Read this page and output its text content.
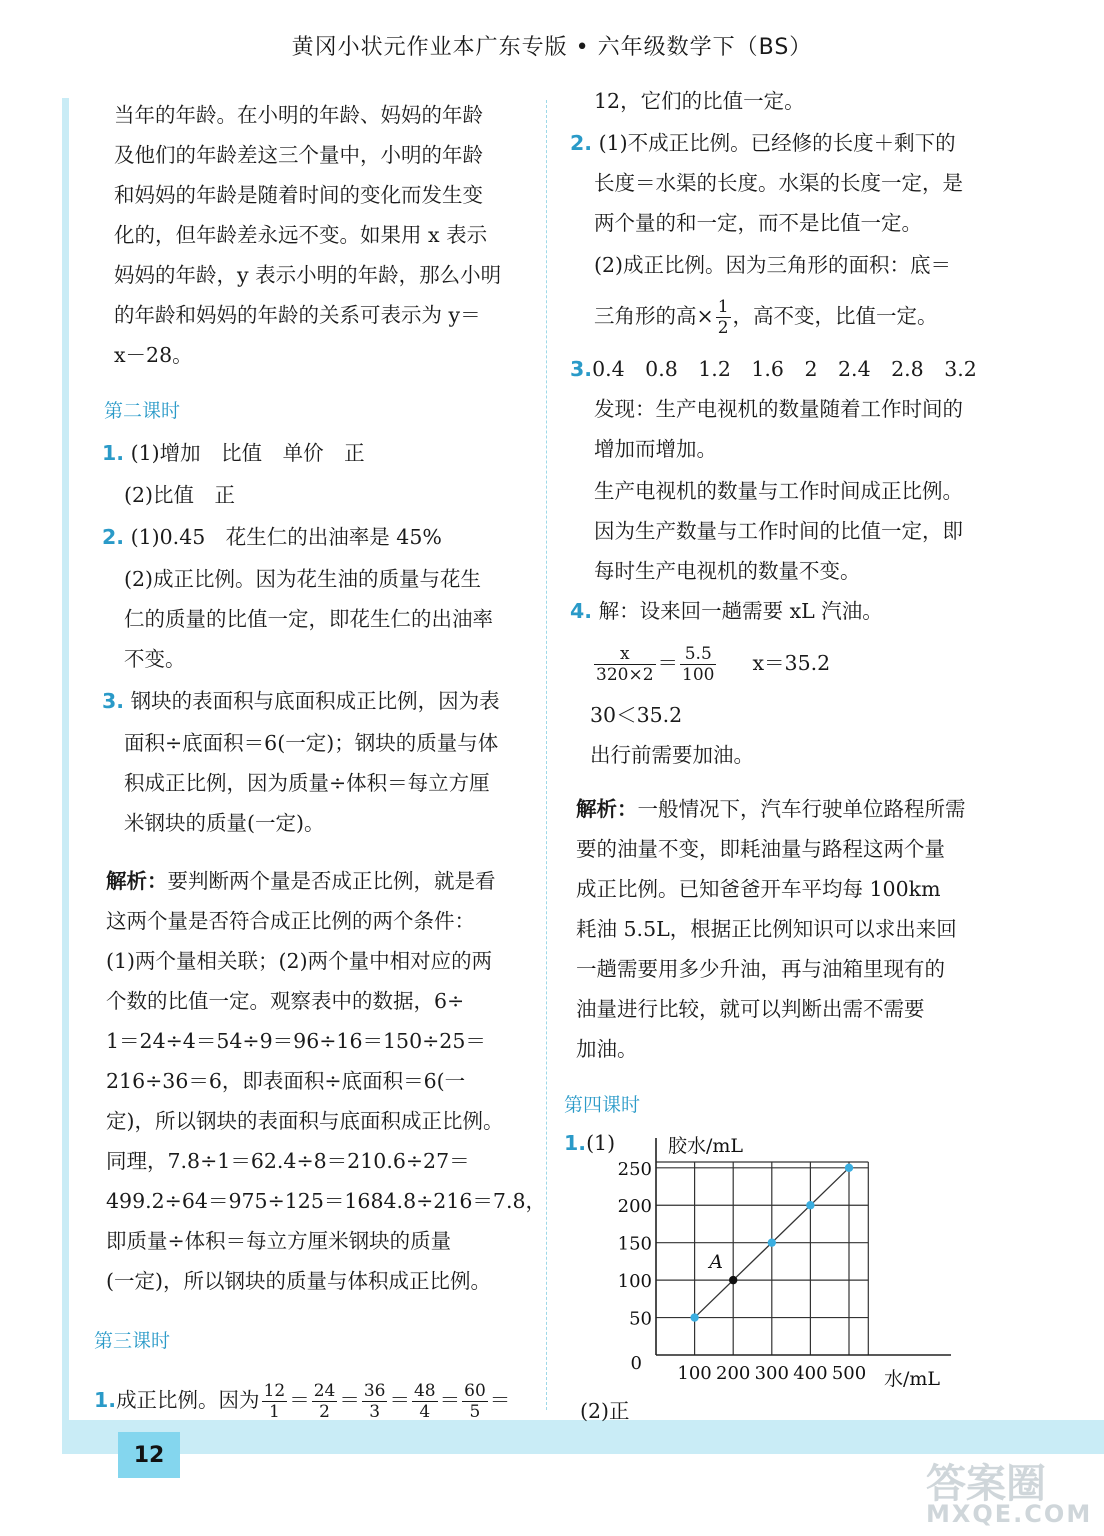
黄冈小状元作业本广东专版 • 六年级数学下（BS）
12
当年的年龄。在小明的年龄、妈妈的年龄
及他们的年龄差这三个量中，小明的年龄
和妈妈的年龄是随着时间的变化而发生变
化的，但年龄差永远不变。如果用 x 表示
妈妈的年龄，y 表示小明的年龄，那么小明
的年龄和妈妈的年龄的关系可表示为 y＝
x－28。
第二课时
1. (1)增加　比值　单价　正
(2)比值　正
2. (1)0.45　花生仁的出油率是 45%
(2)成正比例。因为花生油的质量与花生
仁的质量的比值一定，即花生仁的出油率
不变。
3. 钢块的表面积与底面积成正比例，因为表
面积÷底面积＝6(一定)；钢块的质量与体
积成正比例，因为质量÷体积＝每立方厘
米钢块的质量(一定)。
解析：要判断两个量是否成正比例，就是看
这两个量是否符合成正比例的两个条件：
(1)两个量相关联；(2)两个量中相对应的两
个数的比值一定。观察表中的数据，6÷
1＝24÷4＝54÷9＝96÷16＝150÷25＝
216÷36＝6，即表面积÷底面积＝6(一
定)，所以钢块的表面积与底面积成正比例。
同理，7.8÷1＝62.4÷8＝210.6÷27＝
499.2÷64＝975÷125＝1684.8÷216＝7.8，
即质量÷体积＝每立方厘米钢块的质量
(一定)，所以钢块的质量与体积成正比例。
第三课时
1.成正比例。因为 $\frac{12}{1} = \frac{24}{2} = \frac{36}{3} = \frac{48}{4} = \frac{60}{5}$ ＝
12，它们的比值一定。
2. (1)不成正比例。已经修的长度＋剩下的
长度＝水渠的长度。水渠的长度一定，是
两个量的和一定，而不是比值一定。
(2)成正比例。因为三角形的面积：底＝
三角形的高× $\frac{1}{2}$ ，高不变，比值一定。
3.0.4　0.8　1.2　1.6　2　2.4　2.8　3.2
发现：生产电视机的数量随着工作时间的
增加而增加。
生产电视机的数量与工作时间成正比例。
因为生产数量与工作时间的比值一定，即
每时生产电视机的数量不变。
4. 解：设来回一趟需要 xL 汽油。
$\frac{x}{320\times 2} = \frac{5.5}{100} x=35.2$
30＜35.2
出行前需要加油。
解析：一般情况下，汽车行驶单位路程所需
要的油量不变，即耗油量与路程这两个量
成正比例。已知爸爸开车平均每 100km
耗油 5.5L，根据正比例知识可以求出来回
一趟需要用多少升油，再与油箱里现有的
油量进行比较，就可以判断出需不需要
加油。
第四课时
1.(1)
(2)正
100 200 300 400 500
50
100
150
200
250
0
胶水/mL
水/mL
A
答案圈
MXQE.COM
